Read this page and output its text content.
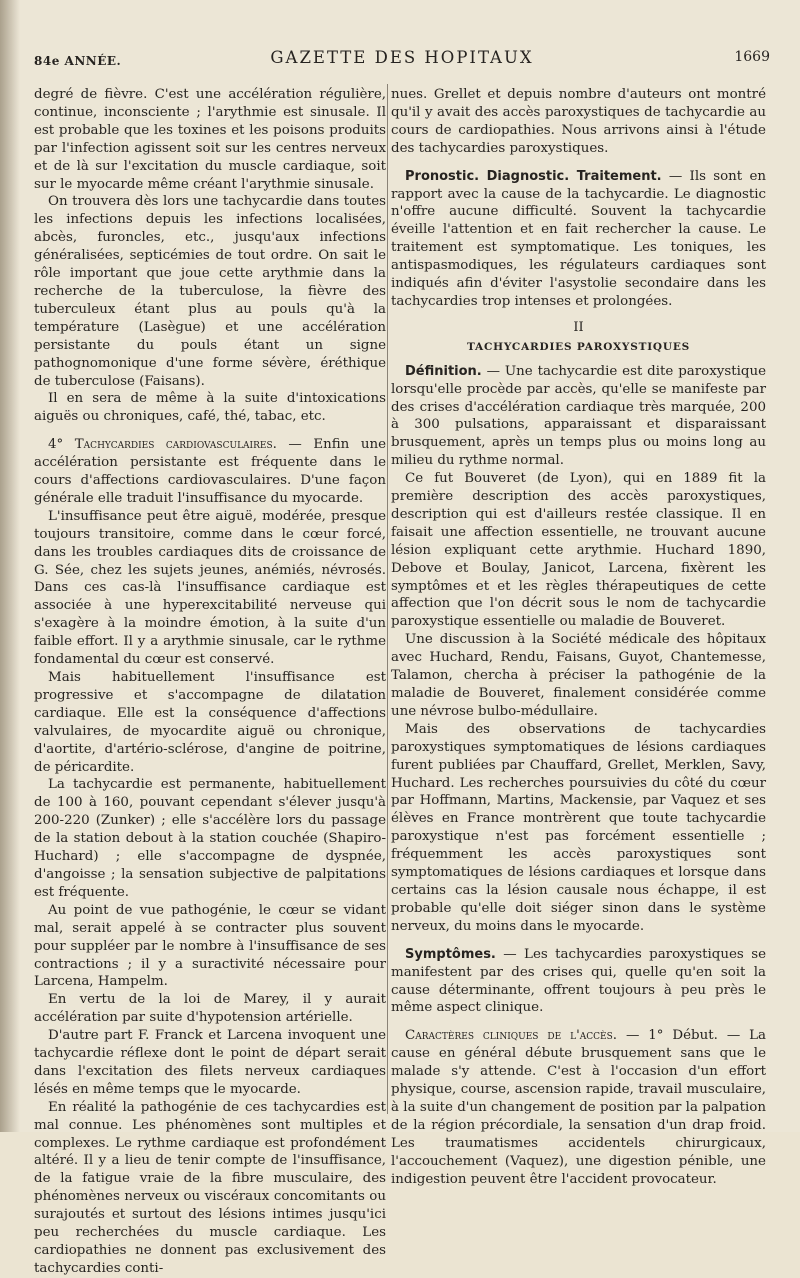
84e ANNÉE.	GAZETTE DES HOPITAUX	1669

degré de fièvre. C'est une accélération régulière, continue, inconsciente ; l'arythmie est sinusale. Il est probable que les toxines et les poisons produits par l'infection agissent soit sur les centres nerveux et de là sur l'excitation du muscle cardiaque, soit sur le myocarde même créant l'arythmie sinusale.

On trouvera dès lors une tachycardie dans toutes les infections depuis les infections localisées, abcès, furoncles, etc., jusqu'aux infections généralisées, septicémies de tout ordre. On sait le rôle important que joue cette arythmie dans la recherche de la tuberculose, la fièvre des tuberculeux étant plus au pouls qu'à la température (Lasègue) et une accélération persistante du pouls étant un signe pathognomonique d'une forme sévère, éréthique de tuberculose (Faisans).

Il en sera de même à la suite d'intoxications aiguës ou chroniques, café, thé, tabac, etc.

4° Tachycardies cardiovasculaires. — Enfin une accélération persistante est fréquente dans le cours d'affections cardiovasculaires. D'une façon générale elle traduit l'insuffisance du myocarde.

L'insuffisance peut être aiguë, modérée, presque toujours transitoire, comme dans le cœur forcé, dans les troubles cardiaques dits de croissance de G. Sée, chez les sujets jeunes, anémiés, névrosés. Dans ces cas-là l'insuffisance cardiaque est associée à une hyperexcitabilité nerveuse qui s'exagère à la moindre émotion, à la suite d'un faible effort. Il y a arythmie sinusale, car le rythme fondamental du cœur est conservé.

Mais habituellement l'insuffisance est progressive et s'accompagne de dilatation cardiaque. Elle est la conséquence d'affections valvulaires, de myocardite aiguë ou chronique, d'aortite, d'artério-sclérose, d'angine de poitrine, de péricardite.

La tachycardie est permanente, habituellement de 100 à 160, pouvant cependant s'élever jusqu'à 200-220 (Zunker) ; elle s'accélère lors du passage de la station debout à la station couchée (Shapiro-Huchard) ; elle s'accompagne de dyspnée, d'angoisse ; la sensation subjective de palpitations est fréquente.

Au point de vue pathogénie, le cœur se vidant mal, serait appelé à se contracter plus souvent pour suppléer par le nombre à l'insuffisance de ses contractions ; il y a suractivité nécessaire pour Larcena, Hampelm.

En vertu de la loi de Marey, il y aurait accélération par suite d'hypotension artérielle.

D'autre part F. Franck et Larcena invoquent une tachycardie réflexe dont le point de départ serait dans l'excitation des filets nerveux cardiaques lésés en même temps que le myocarde.

En réalité la pathogénie de ces tachycardies est mal connue. Les phénomènes sont multiples et complexes. Le rythme cardiaque est profondément altéré. Il y a lieu de tenir compte de l'insuffisance, de la fatigue vraie de la fibre musculaire, des phénomènes nerveux ou viscéraux concomitants ou surajoutés et surtout des lésions intimes jusqu'ici peu recherchées du muscle cardiaque. Les cardiopathies ne donnent pas exclusivement des tachycardies conti-

nues. Grellet et depuis nombre d'auteurs ont montré qu'il y avait des accès paroxystiques de tachycardie au cours de cardiopathies. Nous arrivons ainsi à l'étude des tachycardies paroxystiques.

Pronostic. Diagnostic. Traitement. — Ils sont en rapport avec la cause de la tachycardie. Le diagnostic n'offre aucune difficulté. Souvent la tachycardie éveille l'attention et en fait rechercher la cause. Le traitement est symptomatique. Les toniques, les antispasmodiques, les régulateurs cardiaques sont indiqués afin d'éviter l'asystolie secondaire dans les tachycardies trop intenses et prolongées.

II

TACHYCARDIES PAROXYSTIQUES

Définition. — Une tachycardie est dite paroxystique lorsqu'elle procède par accès, qu'elle se manifeste par des crises d'accélération cardiaque très marquée, 200 à 300 pulsations, apparaissant et disparaissant brusquement, après un temps plus ou moins long au milieu du rythme normal.

Ce fut Bouveret (de Lyon), qui en 1889 fit la première description des accès paroxystiques, description qui est d'ailleurs restée classique. Il en faisait une affection essentielle, ne trouvant aucune lésion expliquant cette arythmie. Huchard 1890, Debove et Boulay, Janicot, Larcena, fixèrent les symptômes et et les règles thérapeutiques de cette affection que l'on décrit sous le nom de tachycardie paroxystique essentielle ou maladie de Bouveret.

Une discussion à la Société médicale des hôpitaux avec Huchard, Rendu, Faisans, Guyot, Chantemesse, Talamon, chercha à préciser la pathogénie de la maladie de Bouveret, finalement considérée comme une névrose bulbo-médullaire.

Mais des observations de tachycardies paroxystiques symptomatiques de lésions cardiaques furent publiées par Chauffard, Grellet, Merklen, Savy, Huchard. Les recherches poursuivies du côté du cœur par Hoffmann, Martins, Mackensie, par Vaquez et ses élèves en France montrèrent que toute tachycardie paroxystique n'est pas forcément essentielle ; fréquemment les accès paroxystiques sont symptomatiques de lésions cardiaques et lorsque dans certains cas la lésion causale nous échappe, il est probable qu'elle doit siéger sinon dans le système nerveux, du moins dans le myocarde.

Symptômes. — Les tachycardies paroxystiques se manifestent par des crises qui, quelle qu'en soit la cause déterminante, offrent toujours à peu près le même aspect clinique.

Caractères cliniques de l'accès. — 1° Début. — La cause en général débute brusquement sans que le malade s'y attende. C'est à l'occasion d'un effort physique, course, ascension rapide, travail musculaire, à la suite d'un changement de position par la palpation de la région précordiale, la sensation d'un drap froid. Les traumatismes accidentels chirurgicaux, l'accouchement (Vaquez), une digestion pénible, une indigestion peuvent être l'accident provocateur.
